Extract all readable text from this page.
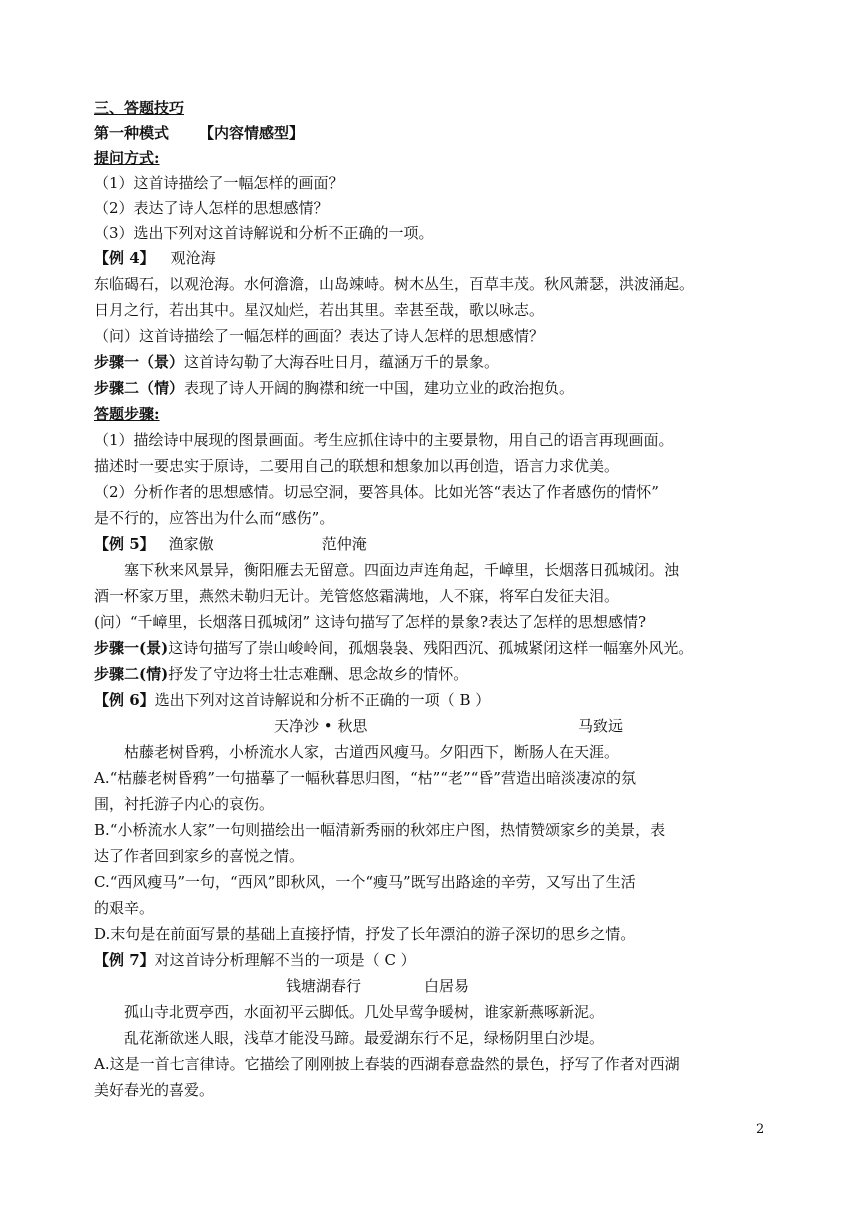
三、答题技巧
第一种模式 【内容情感型】
提问方式:
（1）这首诗描绘了一幅怎样的画面？
（2）表达了诗人怎样的思想感情？
（3）选出下列对这首诗解说和分析不正确的一项。
【例 4】 观沧海
东临碣石，以观沧海。水何澹澹，山岛竦峙。树木丛生，百草丰茂。秋风萧瑟，洪波涌起。
日月之行，若出其中。星汉灿烂，若出其里。幸甚至哉，歌以咏志。
（问）这首诗描绘了一幅怎样的画面？表达了诗人怎样的思想感情？
步骤一（景）这首诗勾勒了大海吞吐日月，蕴涵万千的景象。
步骤二（情）表现了诗人开阔的胸襟和统一中国，建功立业的政治抱负。
答题步骤:
（1）描绘诗中展现的图景画面。考生应抓住诗中的主要景物，用自己的语言再现画面。
描述时一要忠实于原诗，二要用自己的联想和想象加以再创造，语言力求优美。
（2）分析作者的思想感情。切忌空洞，要答具体。比如光答“表达了作者感伤的情怀”
是不行的，应答出为什么而“感伤”。
【例 5】 渔家傲	范仲淹
塞下秋来风景异，衡阳雁去无留意。四面边声连角起，千嶂里，长烟落日孤城闭。浊
酒一杯家万里，燕然未勒归无计。羌管悠悠霜满地，人不寐，将军白发征夫泪。
(问）“千嶂里，长烟落日孤城闭” 这诗句描写了怎样的景象?表达了怎样的思想感情?
步骤一(景)这诗句描写了崇山峻岭间，孤烟袅袅、残阳西沉、孤城紧闭这样一幅塞外风光。
步骤二(情)抒发了守边将士壮志难酬、思念故乡的情怀。
【例 6】选出下列对这首诗解说和分析不正确的一项（ B ）
天净沙 • 秋思	马致远
枯藤老树昏鸦，小桥流水人家，古道西风瘦马。夕阳西下，断肠人在天涯。
A.“枯藤老树昏鸦”一句描摹了一幅秋暮思归图，“枯”“老”“昏”营造出暗淡凄凉的氛
围，衬托游子内心的哀伤。
B.“小桥流水人家”一句则描绘出一幅清新秀丽的秋郊庄户图，热情赞颂家乡的美景，表
达了作者回到家乡的喜悦之情。
C.“西风瘦马”一句，“西风”即秋风，一个“瘦马”既写出路途的辛劳，又写出了生活
的艰辛。
D.末句是在前面写景的基础上直接抒情，抒发了长年漂泊的游子深切的思乡之情。
【例 7】对这首诗分析理解不当的一项是（ C ）
钱塘湖春行	白居易
孤山寺北贾亭西，水面初平云脚低。几处早莺争暖树，谁家新燕啄新泥。
乱花渐欲迷人眼，浅草才能没马蹄。最爱湖东行不足，绿杨阴里白沙堤。
A.这是一首七言律诗。它描绘了刚刚披上春装的西湖春意盎然的景色，抒写了作者对西湖
美好春光的喜爱。
2
